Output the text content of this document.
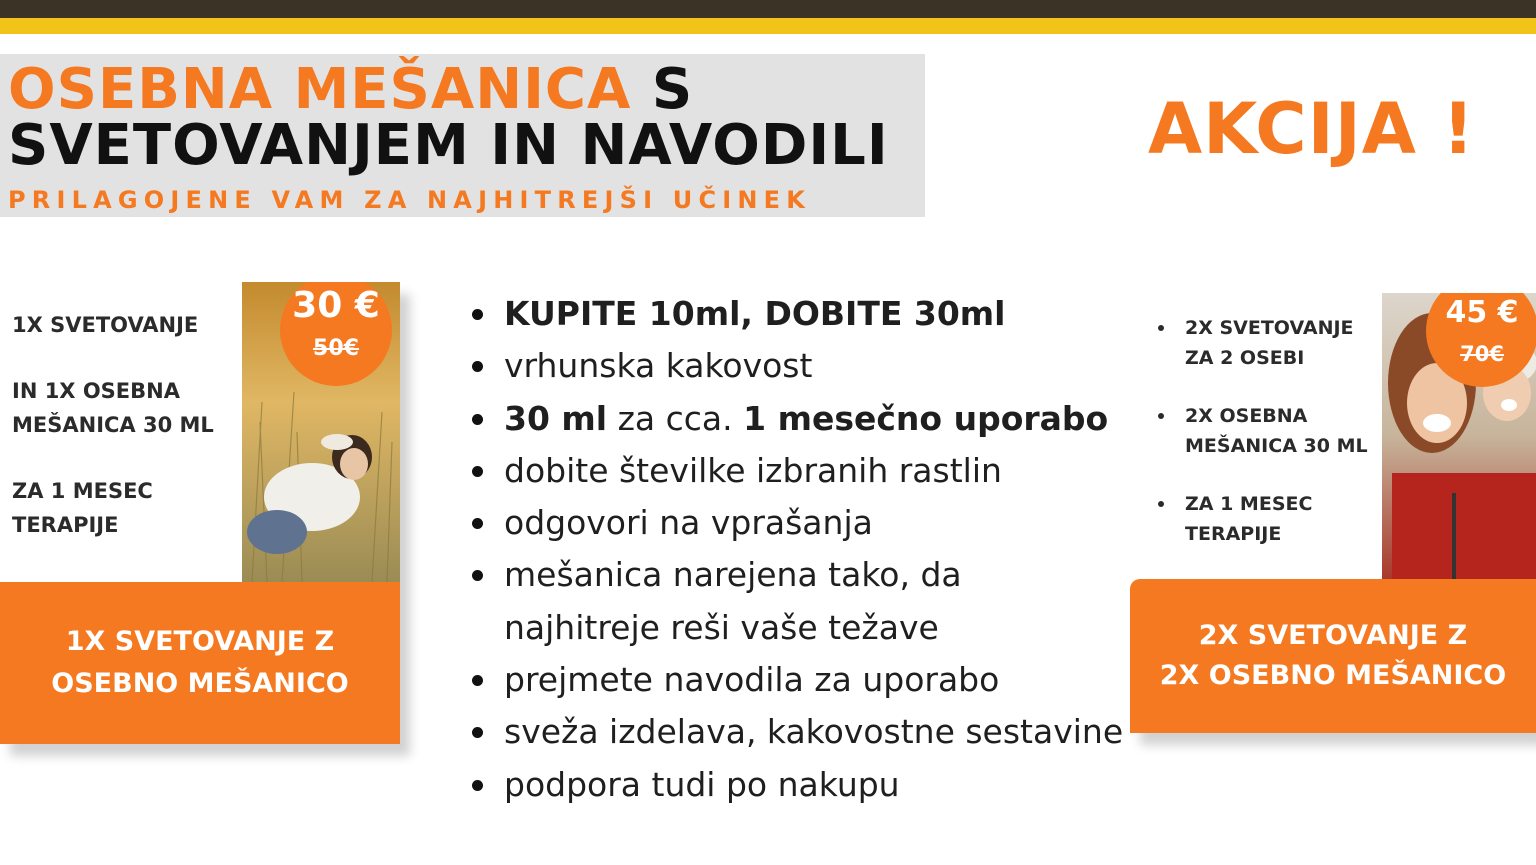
OSEBNA MEŠANICA S
SVETOVANJEM IN NAVODILI
PRILAGOJENE VAM ZA NAJHITREJŠI UČINEK
AKCIJA !

1X SVETOVANJE

IN 1X OSEBNA
MEŠANICA 30 ML

ZA 1 MESEC
TERAPIJE

30 €
50€
1X SVETOVANJE Z
OSEBNO MEŠANICO
KUPITE 10ml, DOBITE 30ml
vrhunska kakovost
30 ml za cca. 1 mesečno uporabo
dobite številke izbranih rastlin
odgovori na vprašanja
mešanica narejena tako, da
najhitreje reši vaše težave
prejmete navodila za uporabo
sveža izdelava, kakovostne sestavine
podpora tudi po nakupu
2X SVETOVANJE
ZA 2 OSEBI
2X OSEBNA
MEŠANICA 30 ML
ZA 1 MESEC
TERAPIJE
45 €
70€
2X SVETOVANJE Z
2X OSEBNO MEŠANICO
